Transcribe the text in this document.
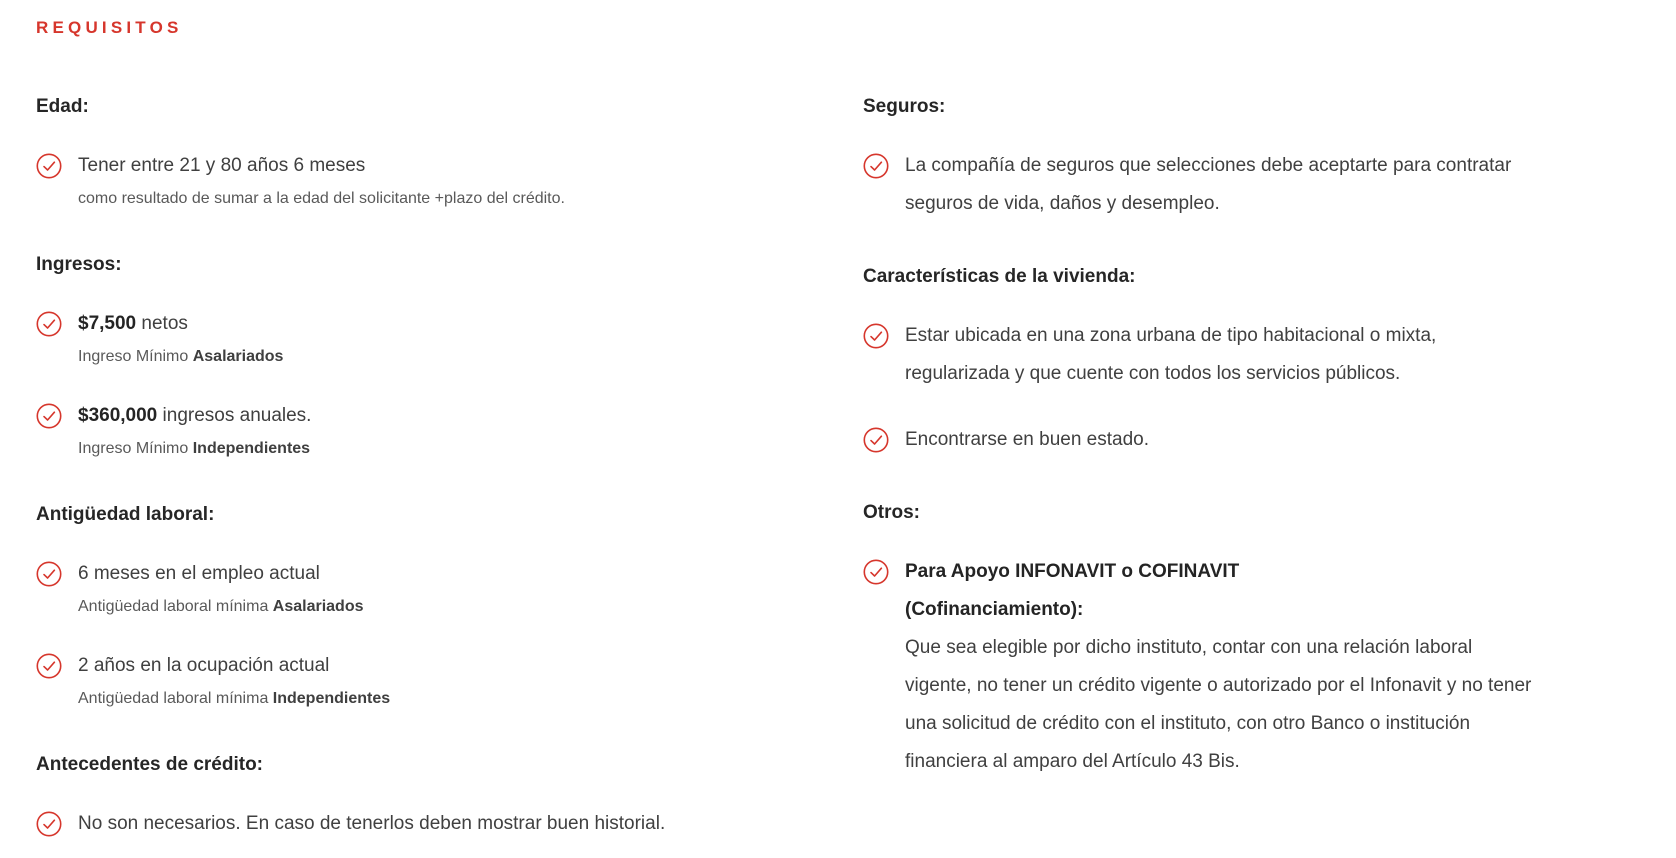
REQUISITOS
Edad:
Tener entre 21 y 80 años 6 meses
como resultado de sumar a la edad del solicitante +plazo del crédito.
Ingresos:
$7,500 netos
Ingreso Mínimo Asalariados
$360,000 ingresos anuales.
Ingreso Mínimo Independientes
Antigüedad laboral:
6 meses en el empleo actual
Antigüedad laboral mínima Asalariados
2 años en la ocupación actual
Antigüedad laboral mínima Independientes
Antecedentes de crédito:
No son necesarios. En caso de tenerlos deben mostrar buen historial.
Seguros:
La compañía de seguros que selecciones debe aceptarte para contratar
seguros de vida, daños y desempleo.
Características de la vivienda:
Estar ubicada en una zona urbana de tipo habitacional o mixta,
regularizada y que cuente con todos los servicios públicos.
Encontrarse en buen estado.
Otros:
Para Apoyo INFONAVIT o COFINAVIT
(Cofinanciamiento):
Que sea elegible por dicho instituto, contar con una relación laboral
vigente, no tener un crédito vigente o autorizado por el Infonavit y no tener
una solicitud de crédito con el instituto, con otro Banco o institución
financiera al amparo del Artículo 43 Bis.
